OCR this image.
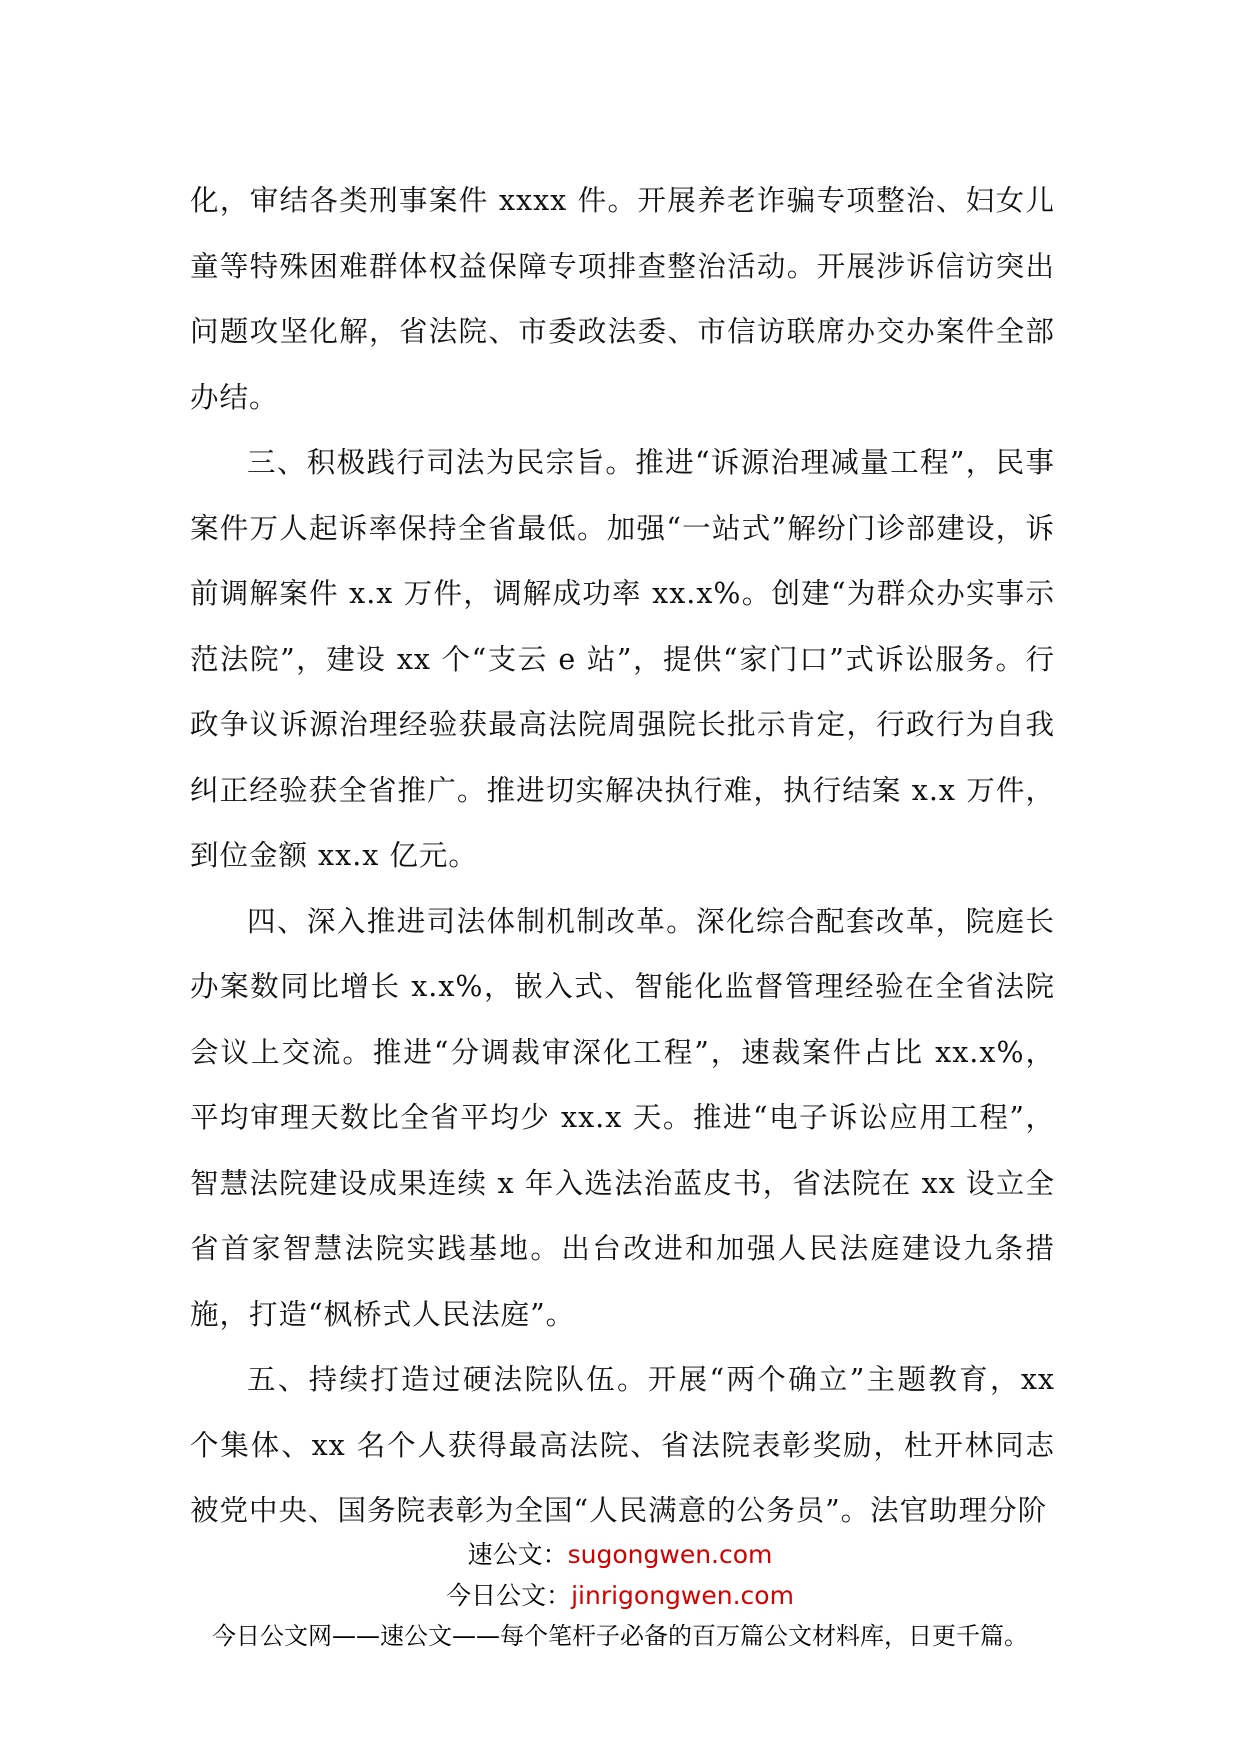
化，审结各类刑事案件 xxxx 件。开展养老诈骗专项整治、妇女儿童等特殊困难群体权益保障专项排查整治活动。开展涉诉信访突出问题攻坚化解，省法院、市委政法委、市信访联席办交办案件全部办结。

三、积极践行司法为民宗旨。推进“诉源治理减量工程”，民事案件万人起诉率保持全省最低。加强“一站式”解纷门诊部建设，诉前调解案件 x.x 万件，调解成功率 xx.x%。创建“为群众办实事示范法院”，建设 xx 个“支云 e 站”，提供“家门口”式诉讼服务。行政争议诉源治理经验获最高法院周强院长批示肯定，行政行为自我纠正经验获全省推广。推进切实解决执行难，执行结案 x.x 万件，到位金额 xx.x 亿元。

四、深入推进司法体制机制改革。深化综合配套改革，院庭长办案数同比增长 x.x%，嵌入式、智能化监督管理经验在全省法院会议上交流。推进“分调裁审深化工程”，速裁案件占比 xx.x%，平均审理天数比全省平均少 xx.x 天。推进“电子诉讼应用工程”，智慧法院建设成果连续 x 年入选法治蓝皮书，省法院在 xx 设立全省首家智慧法院实践基地。出台改进和加强人民法庭建设九条措施，打造“枫桥式人民法庭”。

五、持续打造过硬法院队伍。开展“两个确立”主题教育，xx 个集体、xx 名个人获得最高法院、省法院表彰奖励，杜开林同志被党中央、国务院表彰为全国“人民满意的公务员”。法官助理分阶

速公文：sugongwen.com
今日公文：jinrigongwen.com
今日公文网——速公文——每个笔杆子必备的百万篇公文材料库，日更千篇。
